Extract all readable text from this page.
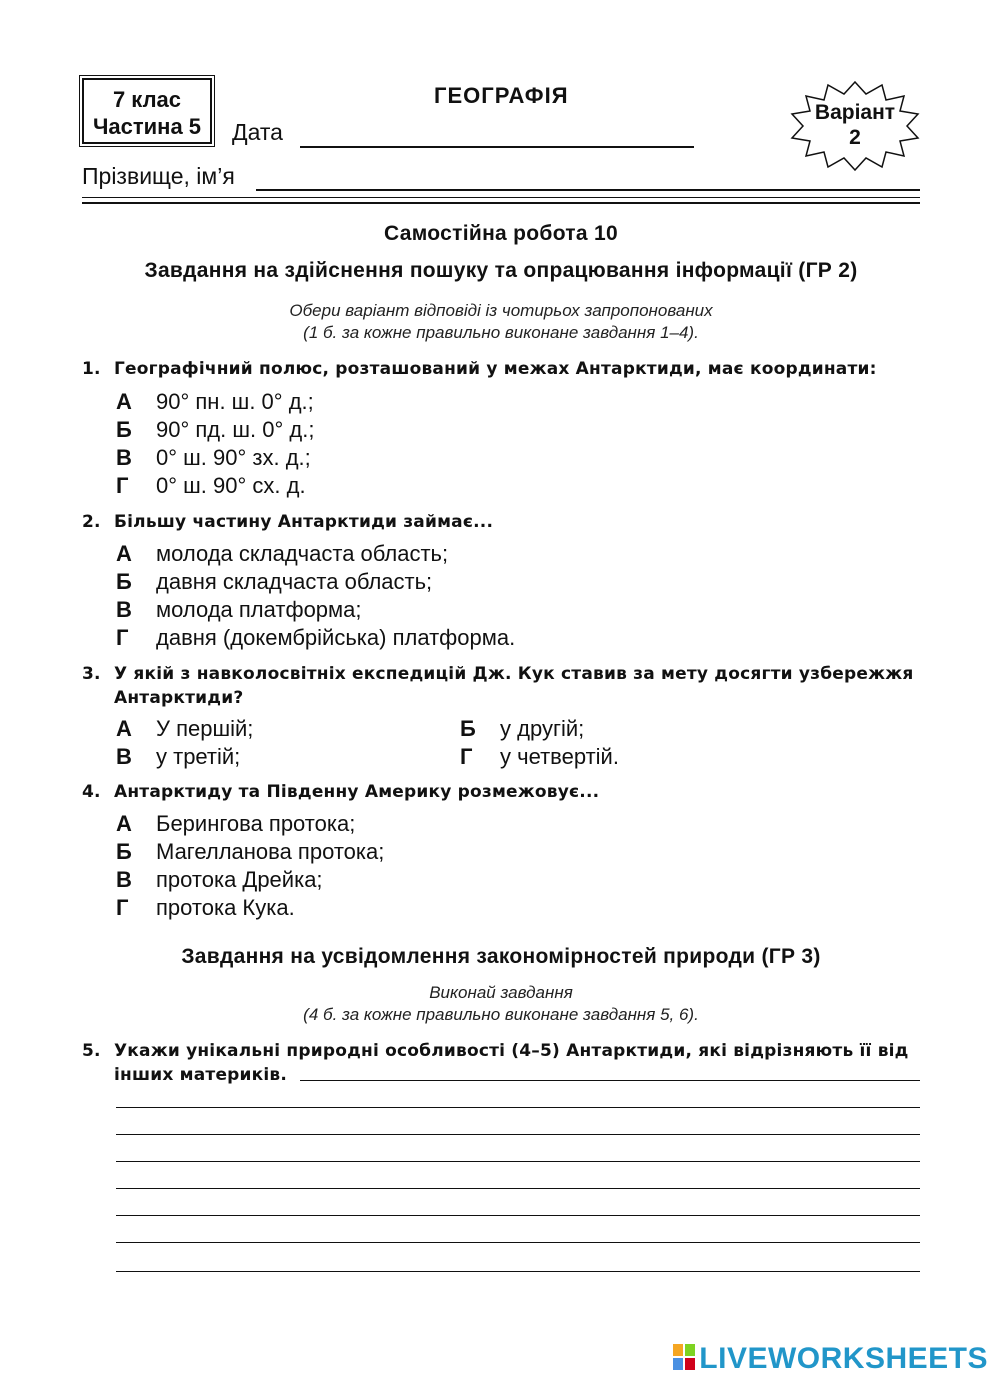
7 клас
Частина 5
ГЕОГРАФІЯ
Дата
Варіант
2
Прізвище, ім’я
Самостійна робота 10
Завдання на здійснення пошуку та опрацювання інформації (ГР 2)
Обери варіант відповіді із чотирьох запропонованих
(1 б. за кожне правильно виконане завдання 1–4).
1. Географічний полюс, розташований у межах Антарктиди, має координати:
А 90° пн. ш. 0° д.;
Б 90° пд. ш. 0° д.;
В 0° ш. 90° зх. д.;
Г 0° ш. 90° сх. д.
2. Більшу частину Антарктиди займає...
А молода складчаста область;
Б давня складчаста область;
В молода платформа;
Г давня (докембрійська) платформа.
3. У якій з навколосвітніх експедицій Дж. Кук ставив за мету досягти узбережжя
Антарктиди?
А У першій;	Б у другій;
В у третій;	Г у четвертій.
4. Антарктиду та Південну Америку розмежовує...
А Берингова протока;
Б Магелланова протока;
В протока Дрейка;
Г протока Кука.
Завдання на усвідомлення закономірностей природи (ГР 3)
Виконай завдання
(4 б. за кожне правильно виконане завдання 5, 6).
5. Укажи унікальні природні особливості (4–5) Антарктиди, які відрізняють її від
інших материків.
LIVEWORKSHEETS
